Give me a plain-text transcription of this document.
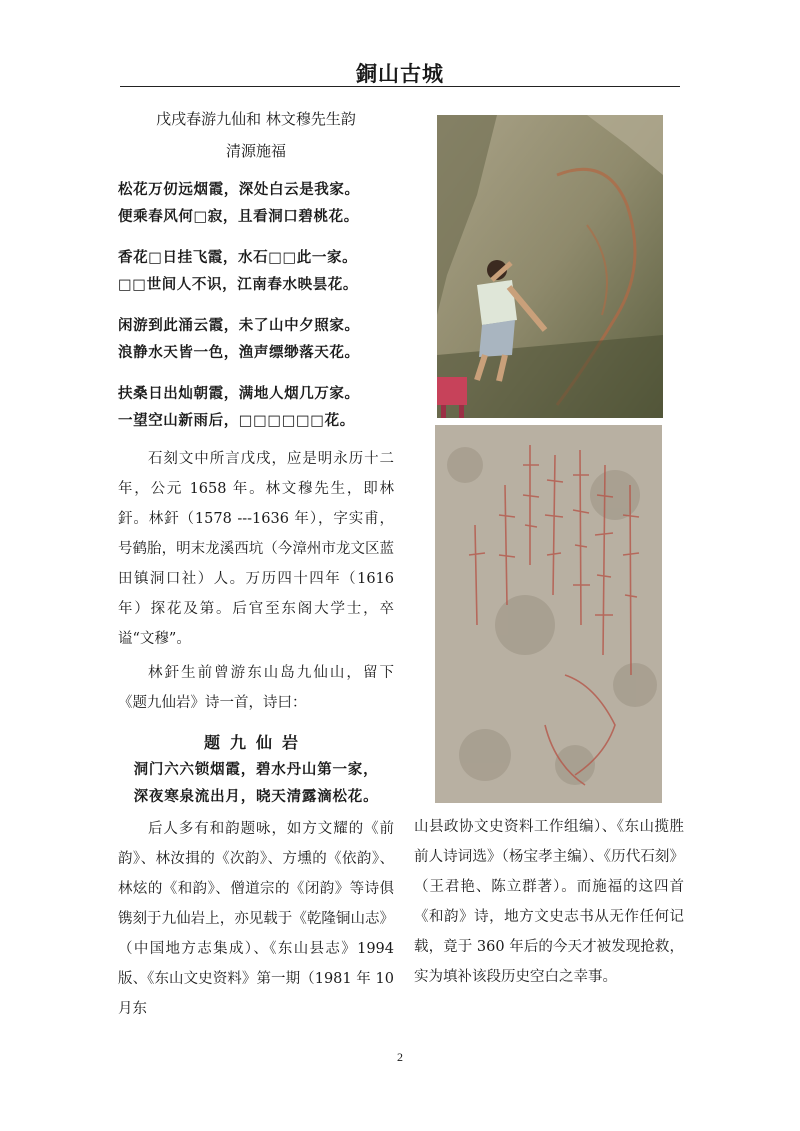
銅山古城
戊戌春游九仙和 林文穆先生韵
清源施福
松花万仞远烟霞，深处白云是我家。
便乘春风何□寂，且看洞口碧桃花。
香花□日挂飞霞，水石□□此一家。
□□世间人不识，江南春水映昙花。
闲游到此涌云霞，未了山中夕照家。
浪静水天皆一色，渔声缥缈落天花。
扶桑日出灿朝霞，满地人烟几万家。
一望空山新雨后，□□□□□□花。

石刻文中所言戊戌，应是明永历十二年，公元 1658 年。林文穆先生，即林釬。林釬（1578 ---1636 年），字实甫，号鹤胎，明末龙溪西坑（今漳州市龙文区蓝田镇洞口社）人。万历四十四年（1616 年）探花及第。后官至东阁大学士，卒谥“文穆”。

林釬生前曾游东山岛九仙山，留下《题九仙岩》诗一首，诗曰：

题九仙岩
洞门六六锁烟霞，碧水丹山第一家，
深夜寒泉流出月，晓天清露滴松花。

后人多有和韵题咏，如方文耀的《前韵》、林汝揖的《次韵》、方壎的《依韵》、林炫的《和韵》、僧道宗的《闭韵》等诗俱镌刻于九仙岩上，亦见载于《乾隆铜山志》（中国地方志集成）、《东山县志》1994 版、《东山文史资料》第一期（1981 年 10 月东

山县政协文史资料工作组编）、《东山揽胜前人诗词选》（杨宝孝主编）、《历代石刻》（王君艳、陈立群著）。而施福的这四首《和韵》诗，地方文史志书从无作任何记载，竟于 360 年后的今天才被发现抢救，实为填补该段历史空白之幸事。

2
